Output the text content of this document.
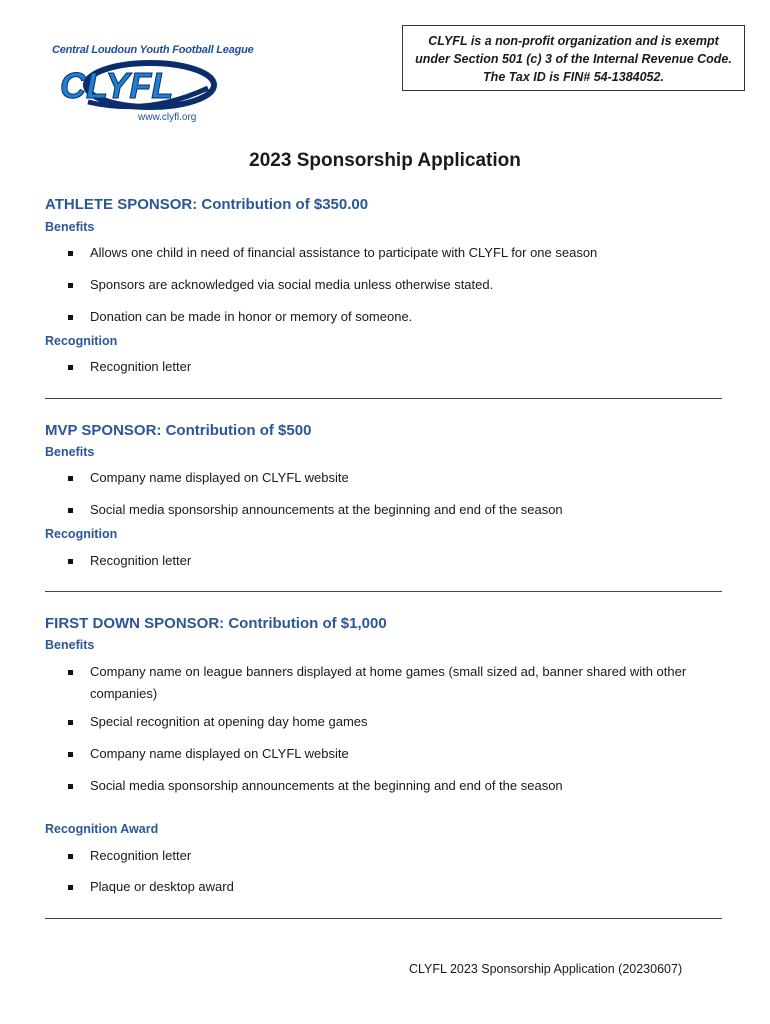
Central Loudoun Youth Football League
CLYFL
www.clyfl.org
CLYFL is a non-profit organization and is exempt
under Section 501 (c) 3 of the Internal Revenue Code.
The Tax ID is FIN# 54-1384052.
2023 Sponsorship Application
ATHLETE SPONSOR: Contribution of $350.00
Benefits
Allows one child in need of financial assistance to participate with CLYFL for one season
Sponsors are acknowledged via social media unless otherwise stated.
Donation can be made in honor or memory of someone.
Recognition
Recognition letter
MVP SPONSOR: Contribution of $500
Benefits
Company name displayed on CLYFL website
Social media sponsorship announcements at the beginning and end of the season
Recognition
Recognition letter
FIRST DOWN SPONSOR: Contribution of $1,000
Benefits
Company name on league banners displayed at home games (small sized ad, banner shared with other companies)
Special recognition at opening day home games
Company name displayed on CLYFL website
Social media sponsorship announcements at the beginning and end of the season
Recognition Award
Recognition letter
Plaque or desktop award
CLYFL 2023 Sponsorship Application (20230607)
